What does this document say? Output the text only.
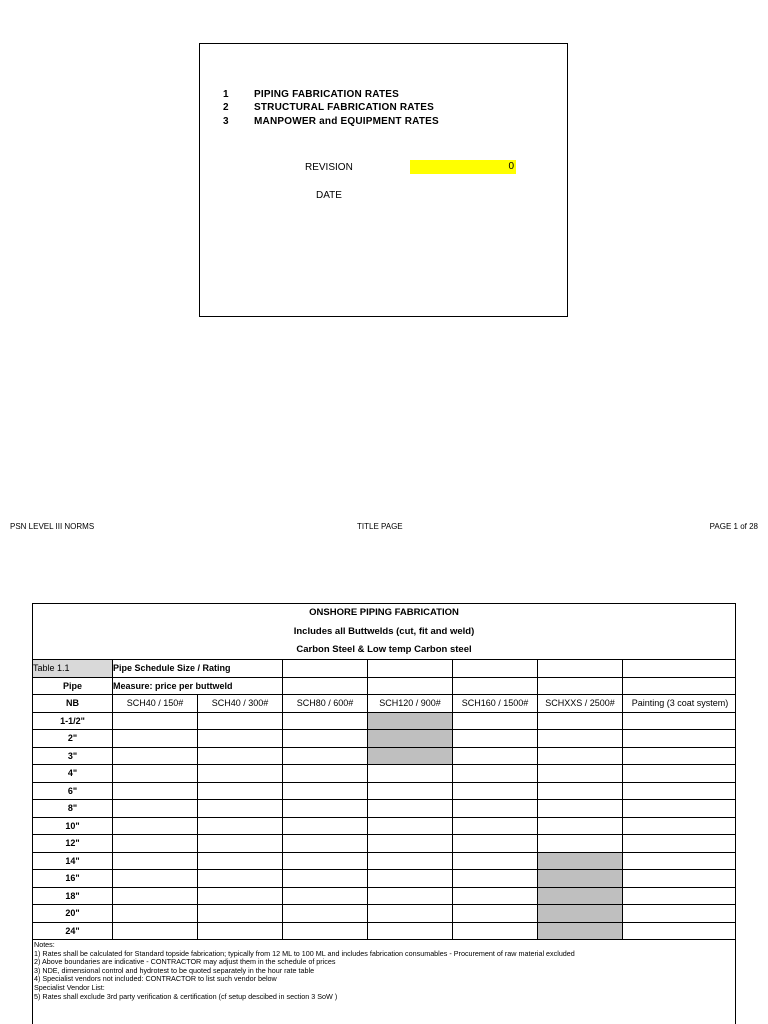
1	PIPING FABRICATION RATES
2	STRUCTURAL FABRICATION RATES
3	MANPOWER and EQUIPMENT RATES
REVISION	0
DATE
PSN LEVEL III NORMS	TITLE PAGE	PAGE 1 of 28
ONSHORE PIPING FABRICATION
Includes all Buttwelds (cut, fit and weld)
Carbon Steel & Low temp Carbon steel
Table 1.1	Pipe Schedule Size / Rating						
Pipe	Measure: price per buttweld						
NB	SCH40 / 150#	SCH40 / 300#	SCH80 / 600#	SCH120 / 900#	SCH160 / 1500#	SCHXXS / 2500#	Painting (3 coat system)
1-1/2"							
2"							
3"							
4"							
6"							
8"							
10"							
12"							
14"							
16"							
18"							
20"							
24"							
Notes:
1) Rates shall be calculated for Standard topside fabrication; typically from 12 ML to 100 ML and includes fabrication consumables - Procurement of raw material excluded
2) Above boundaries are indicative - CONTRACTOR may adjust them in the schedule of prices
3) NDE, dimensional control and hydrotest to be quoted separately in the hour rate table
4) Specialist vendors not included: CONTRACTOR to list such vendor below
Specialist Vendor List:
5) Rates shall exclude 3rd party verification & certification (cf setup descibed in section 3 SoW )
